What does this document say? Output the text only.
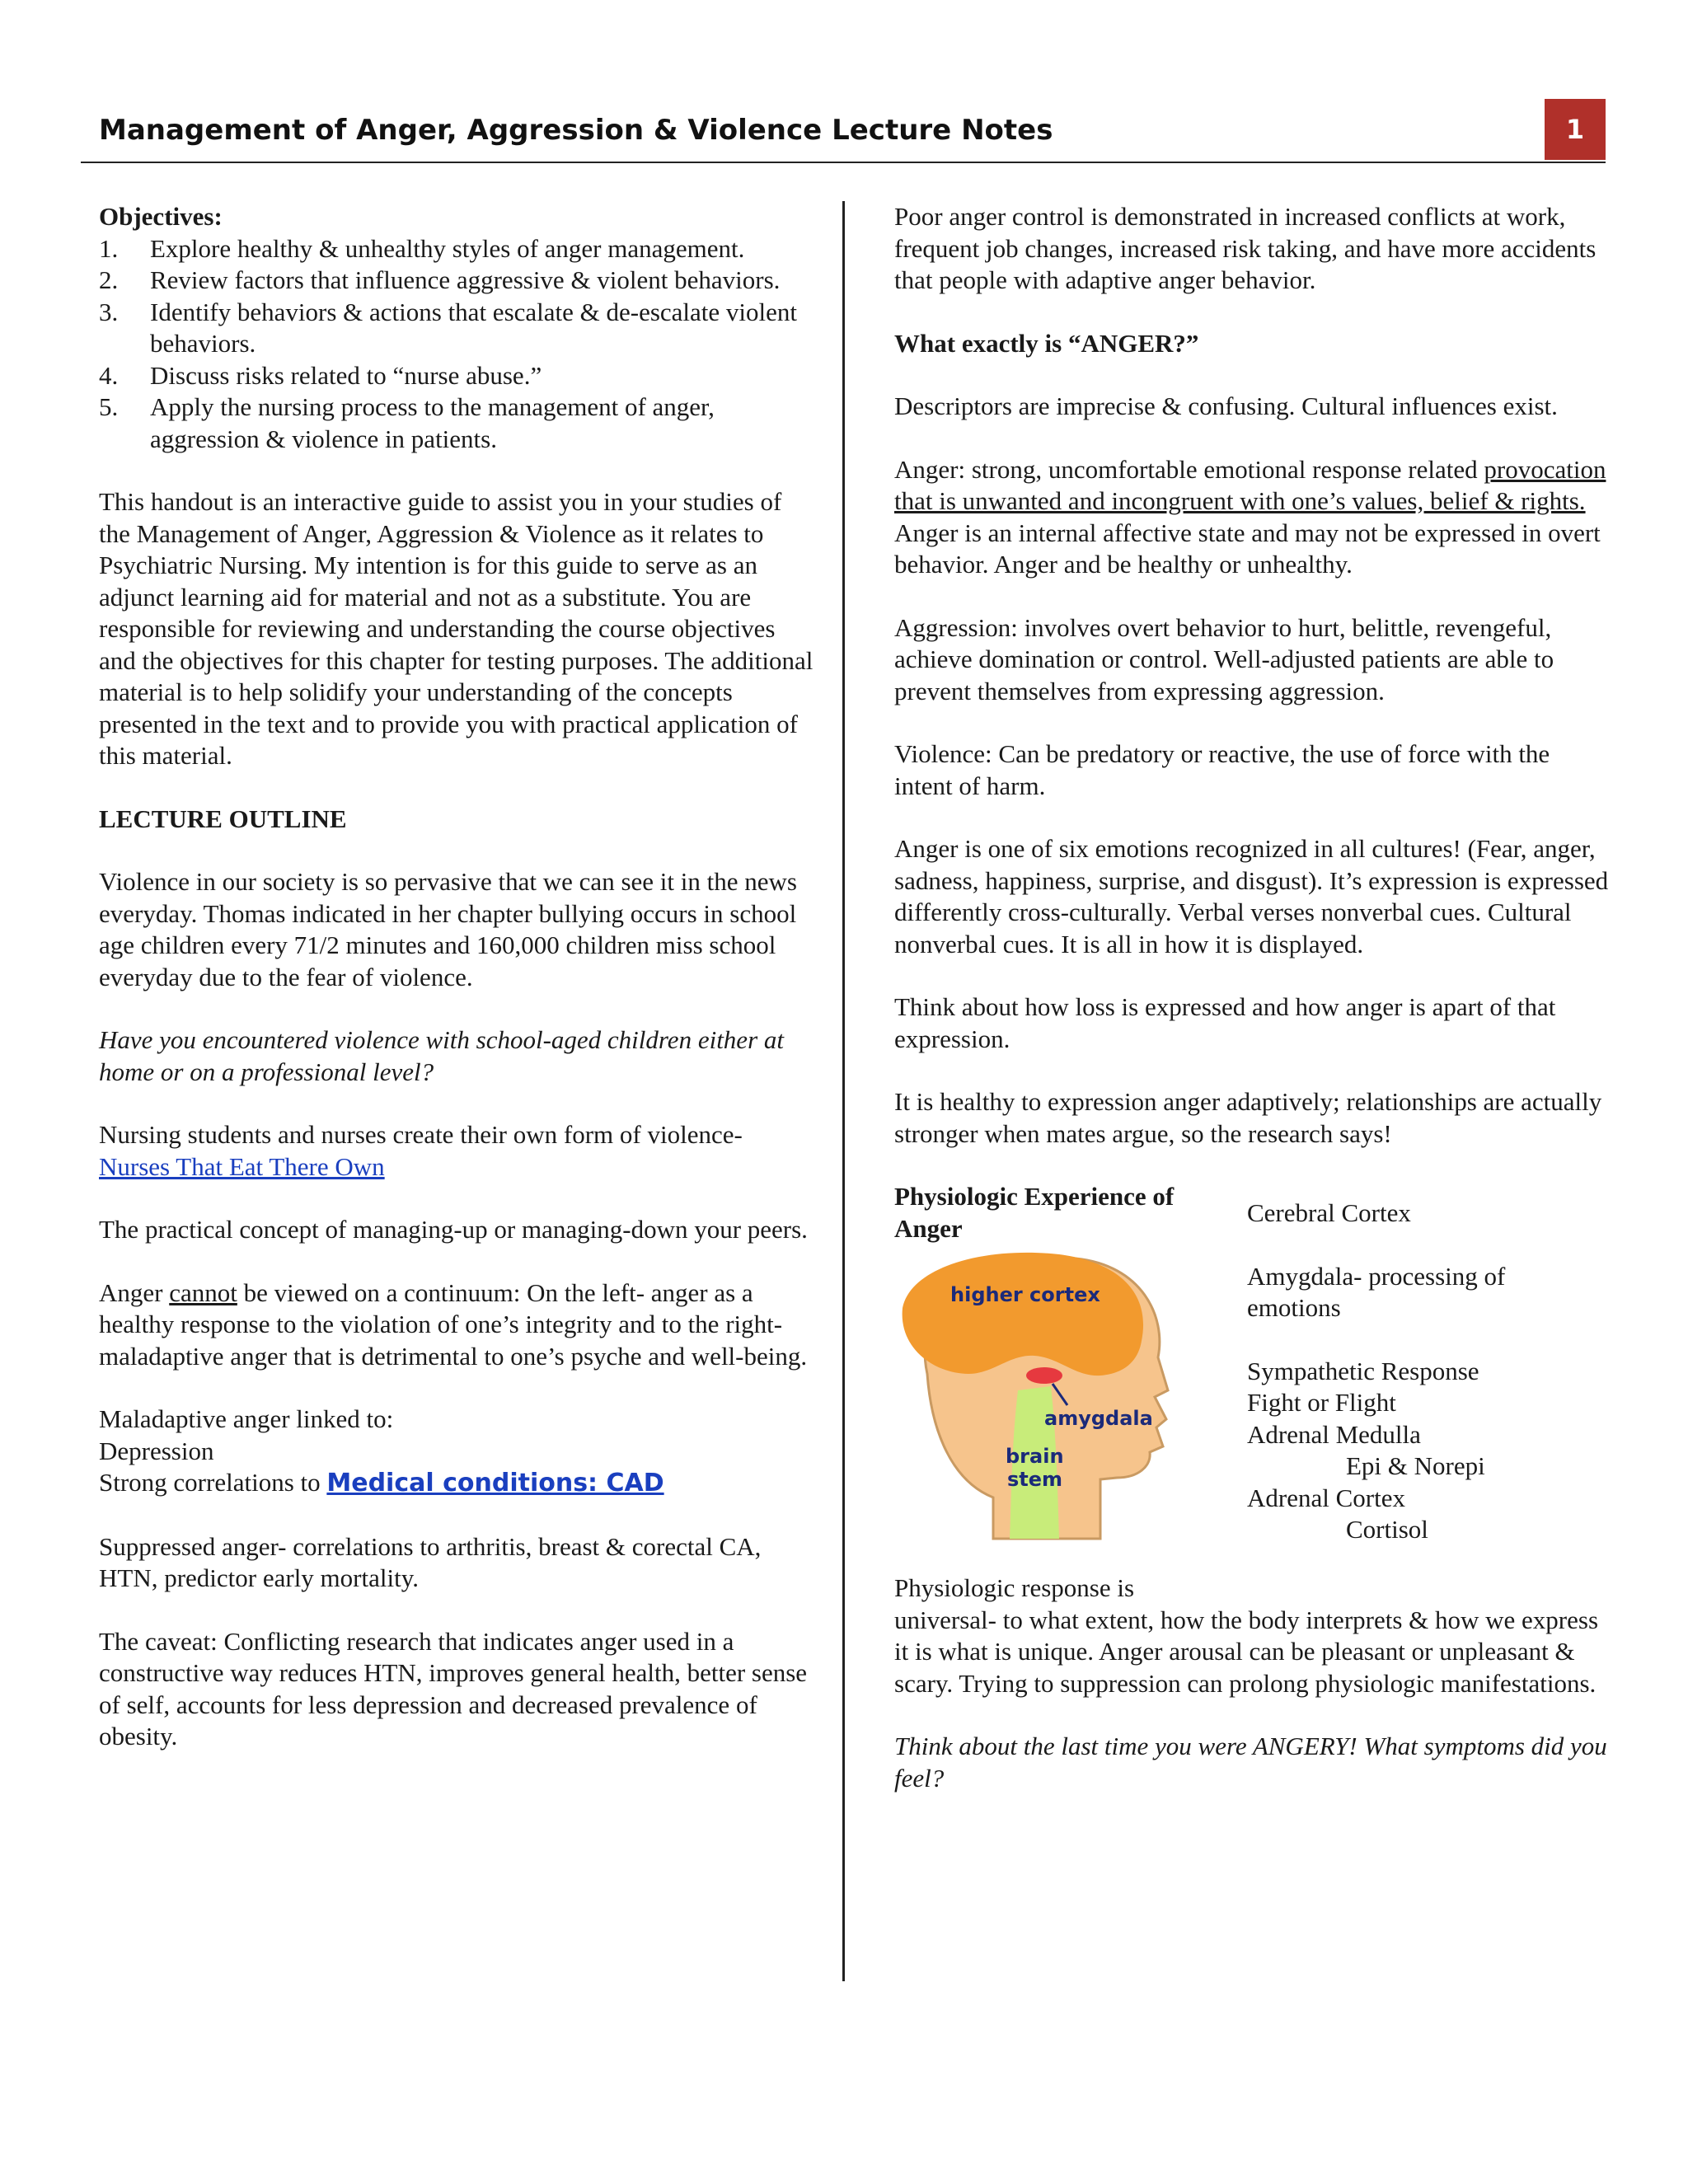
Management of Anger, Aggression & Violence Lecture Notes	1
Objectives:
1. Explore healthy & unhealthy styles of anger management.
2. Review factors that influence aggressive & violent behaviors.
3. Identify behaviors & actions that escalate & de-escalate violent behaviors.
4. Discuss risks related to “nurse abuse.”
5. Apply the nursing process to the management of anger, aggression & violence in patients.

This handout is an interactive guide to assist you in your studies of the Management of Anger, Aggression & Violence as it relates to Psychiatric Nursing. My intention is for this guide to serve as an adjunct learning aid for material and not as a substitute. You are responsible for reviewing and understanding the course objectives and the objectives for this chapter for testing purposes. The additional material is to help solidify your understanding of the concepts presented in the text and to provide you with practical application of this material.

LECTURE OUTLINE

Violence in our society is so pervasive that we can see it in the news everyday. Thomas indicated in her chapter bullying occurs in school age children every 71/2 minutes and 160,000 children miss school everyday due to the fear of violence.

Have you encountered violence with school-aged children either at home or on a professional level?

Nursing students and nurses create their own form of violence-
Nurses That Eat There Own

The practical concept of managing-up or managing-down your peers.

Anger cannot be viewed on a continuum: On the left- anger as a healthy response to the violation of one’s integrity and to the right- maladaptive anger that is detrimental to one’s psyche and well-being.

Maladaptive anger linked to:
Depression
Strong correlations to Medical conditions: CAD

Suppressed anger- correlations to arthritis, breast & corectal CA, HTN, predictor early mortality.

The caveat: Conflicting research that indicates anger used in a constructive way reduces HTN, improves general health, better sense of self, accounts for less depression and decreased prevalence of obesity.

Poor anger control is demonstrated in increased conflicts at work, frequent job changes, increased risk taking, and have more accidents that people with adaptive anger behavior.

What exactly is “ANGER?”

Descriptors are imprecise & confusing. Cultural influences exist.

Anger: strong, uncomfortable emotional response related provocation that is unwanted and incongruent with one’s values, belief & rights. Anger is an internal affective state and may not be expressed in overt behavior. Anger and be healthy or unhealthy.

Aggression: involves overt behavior to hurt, belittle, revengeful, achieve domination or control. Well-adjusted patients are able to prevent themselves from expressing aggression.

Violence: Can be predatory or reactive, the use of force with the intent of harm.

Anger is one of six emotions recognized in all cultures! (Fear, anger, sadness, happiness, surprise, and disgust). It’s expression is expressed differently cross-culturally. Verbal verses nonverbal cues. Cultural nonverbal cues. It is all in how it is displayed.

Think about how loss is expressed and how anger is apart of that expression.

It is healthy to expression anger adaptively; relationships are actually stronger when mates argue, so the research says!

Physiologic Experience of Anger
higher cortex
amygdala
brain
stem
Cerebral Cortex
Amygdala- processing of
emotions
Sympathetic Response
Fight or Flight
Adrenal Medulla
Epi & Norepi
Adrenal Cortex
Cortisol

Physiologic response is
universal- to what extent, how the body interprets & how we express it is what is unique. Anger arousal can be pleasant or unpleasant & scary. Trying to suppression can prolong physiologic manifestations.

Think about the last time you were ANGERY! What symptoms did you feel?
